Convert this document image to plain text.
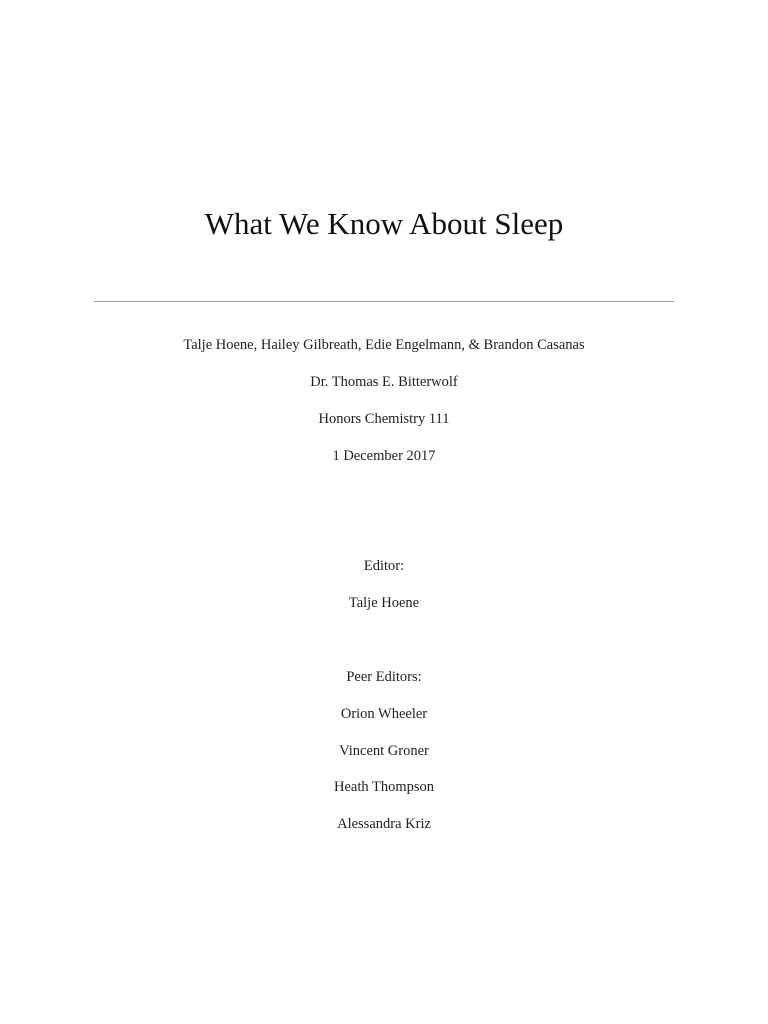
What We Know About Sleep
Talje Hoene, Hailey Gilbreath, Edie Engelmann, & Brandon Casanas
Dr. Thomas E. Bitterwolf
Honors Chemistry 111
1 December 2017
Editor:
Talje Hoene
Peer Editors:
Orion Wheeler
Vincent Groner
Heath Thompson
Alessandra Kriz
